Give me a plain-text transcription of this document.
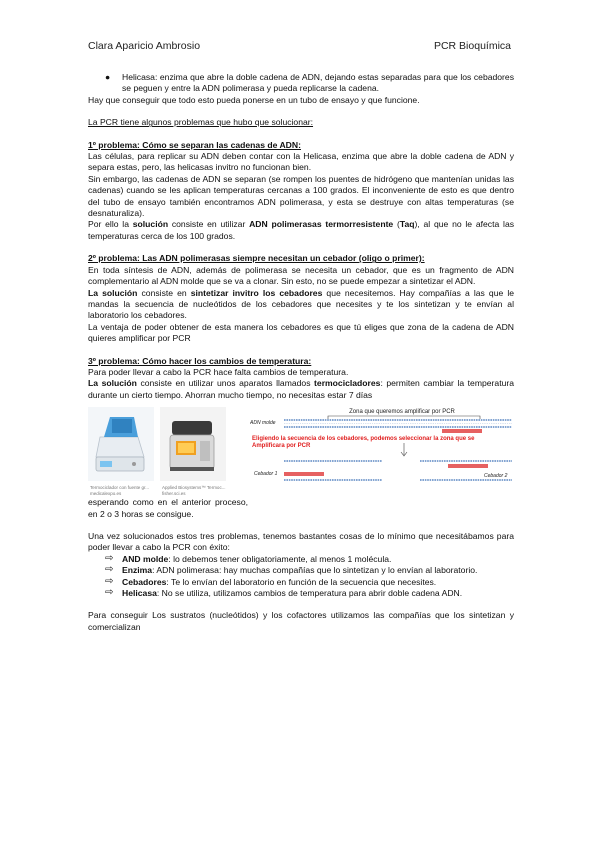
Clara Aparicio Ambrosio	PCR Bioquímica

● Helicasa: enzima que abre la doble cadena de ADN, dejando estas separadas para que los cebadores se peguen y entre la ADN polimerasa y pueda replicarse la cadena.

Hay que conseguir que todo esto pueda ponerse en un tubo de ensayo y que funcione.

La PCR tiene algunos problemas que hubo que solucionar:

1º problema: Cómo se separan las cadenas de ADN:

Las células, para replicar su ADN deben contar con la Helicasa, enzima que abre la doble cadena de ADN y separa estas, pero, las helicasas invitro no funcionan bien.

Sin embargo, las cadenas de ADN se separan (se rompen los puentes de hidrógeno que mantenían unidas las cadenas) cuando se les aplican temperaturas cercanas a 100 grados. El inconveniente de esto es que dentro del tubo de ensayo también encontramos ADN polimerasa, y esta se destruye con altas temperaturas (se desnaturaliza).

Por ello la solución consiste en utilizar ADN polimerasas termorresistente (Taq), al que no le afecta las temperaturas cerca de los 100 grados.

2º problema: Las ADN polimerasas siempre necesitan un cebador (oligo o primer):

En toda síntesis de ADN, además de polimerasa se necesita un cebador, que es un fragmento de ADN complementario al ADN molde que se va a clonar. Sin esto, no se puede empezar a sintetizar el ADN.

La solución consiste en sintetizar invitro los cebadores que necesitemos. Hay compañías a las que le mandas la secuencia de nucleótidos de los cebadores que necesites y te los sintetizan y te envían al laboratorio los cebadores.

La ventaja de poder obtener de esta manera los cebadores es que tú eliges que zona de la cadena de ADN quieres amplificar por PCR

3º problema: Cómo hacer los cambios de temperatura:

Para poder llevar a cabo la PCR hace falta cambios de temperatura.

La solución consiste en utilizar unos aparatos llamados termocicladores: permiten cambiar la temperatura durante un cierto tiempo. Ahorran mucho tiempo, no necesitas estar 7 días

Termociclador con fuente gr...
medicalexpo.es
Applied Biosystems™ Termoc...
fisher.sci.es
Zona que queremos amplificar por PCR
ADN molde
Eligiendo la secuencia de los cebadores, podemos seleccionar la zona que se
Amplificara por PCR
Cebador 2
Cebador 1

esperando como en el anterior proceso, en 2 o 3 horas se consigue.

Una vez solucionados estos tres problemas, tenemos bastantes cosas de lo mínimo que necesitábamos para poder llevar a cabo la PCR con éxito:

⇨ AND molde: lo debemos tener obligatoriamente, al menos 1 molécula.

⇨ Enzima: ADN polimerasa: hay muchas compañías que lo sintetizan y lo envían al laboratorio.

⇨ Cebadores: Te lo envían del laboratorio en función de la secuencia que necesites.

⇨ Helicasa: No se utiliza, utilizamos cambios de temperatura para abrir doble cadena ADN.

Para conseguir Los sustratos (nucleótidos) y los cofactores utilizamos las compañías que los sintetizan y comercializan
